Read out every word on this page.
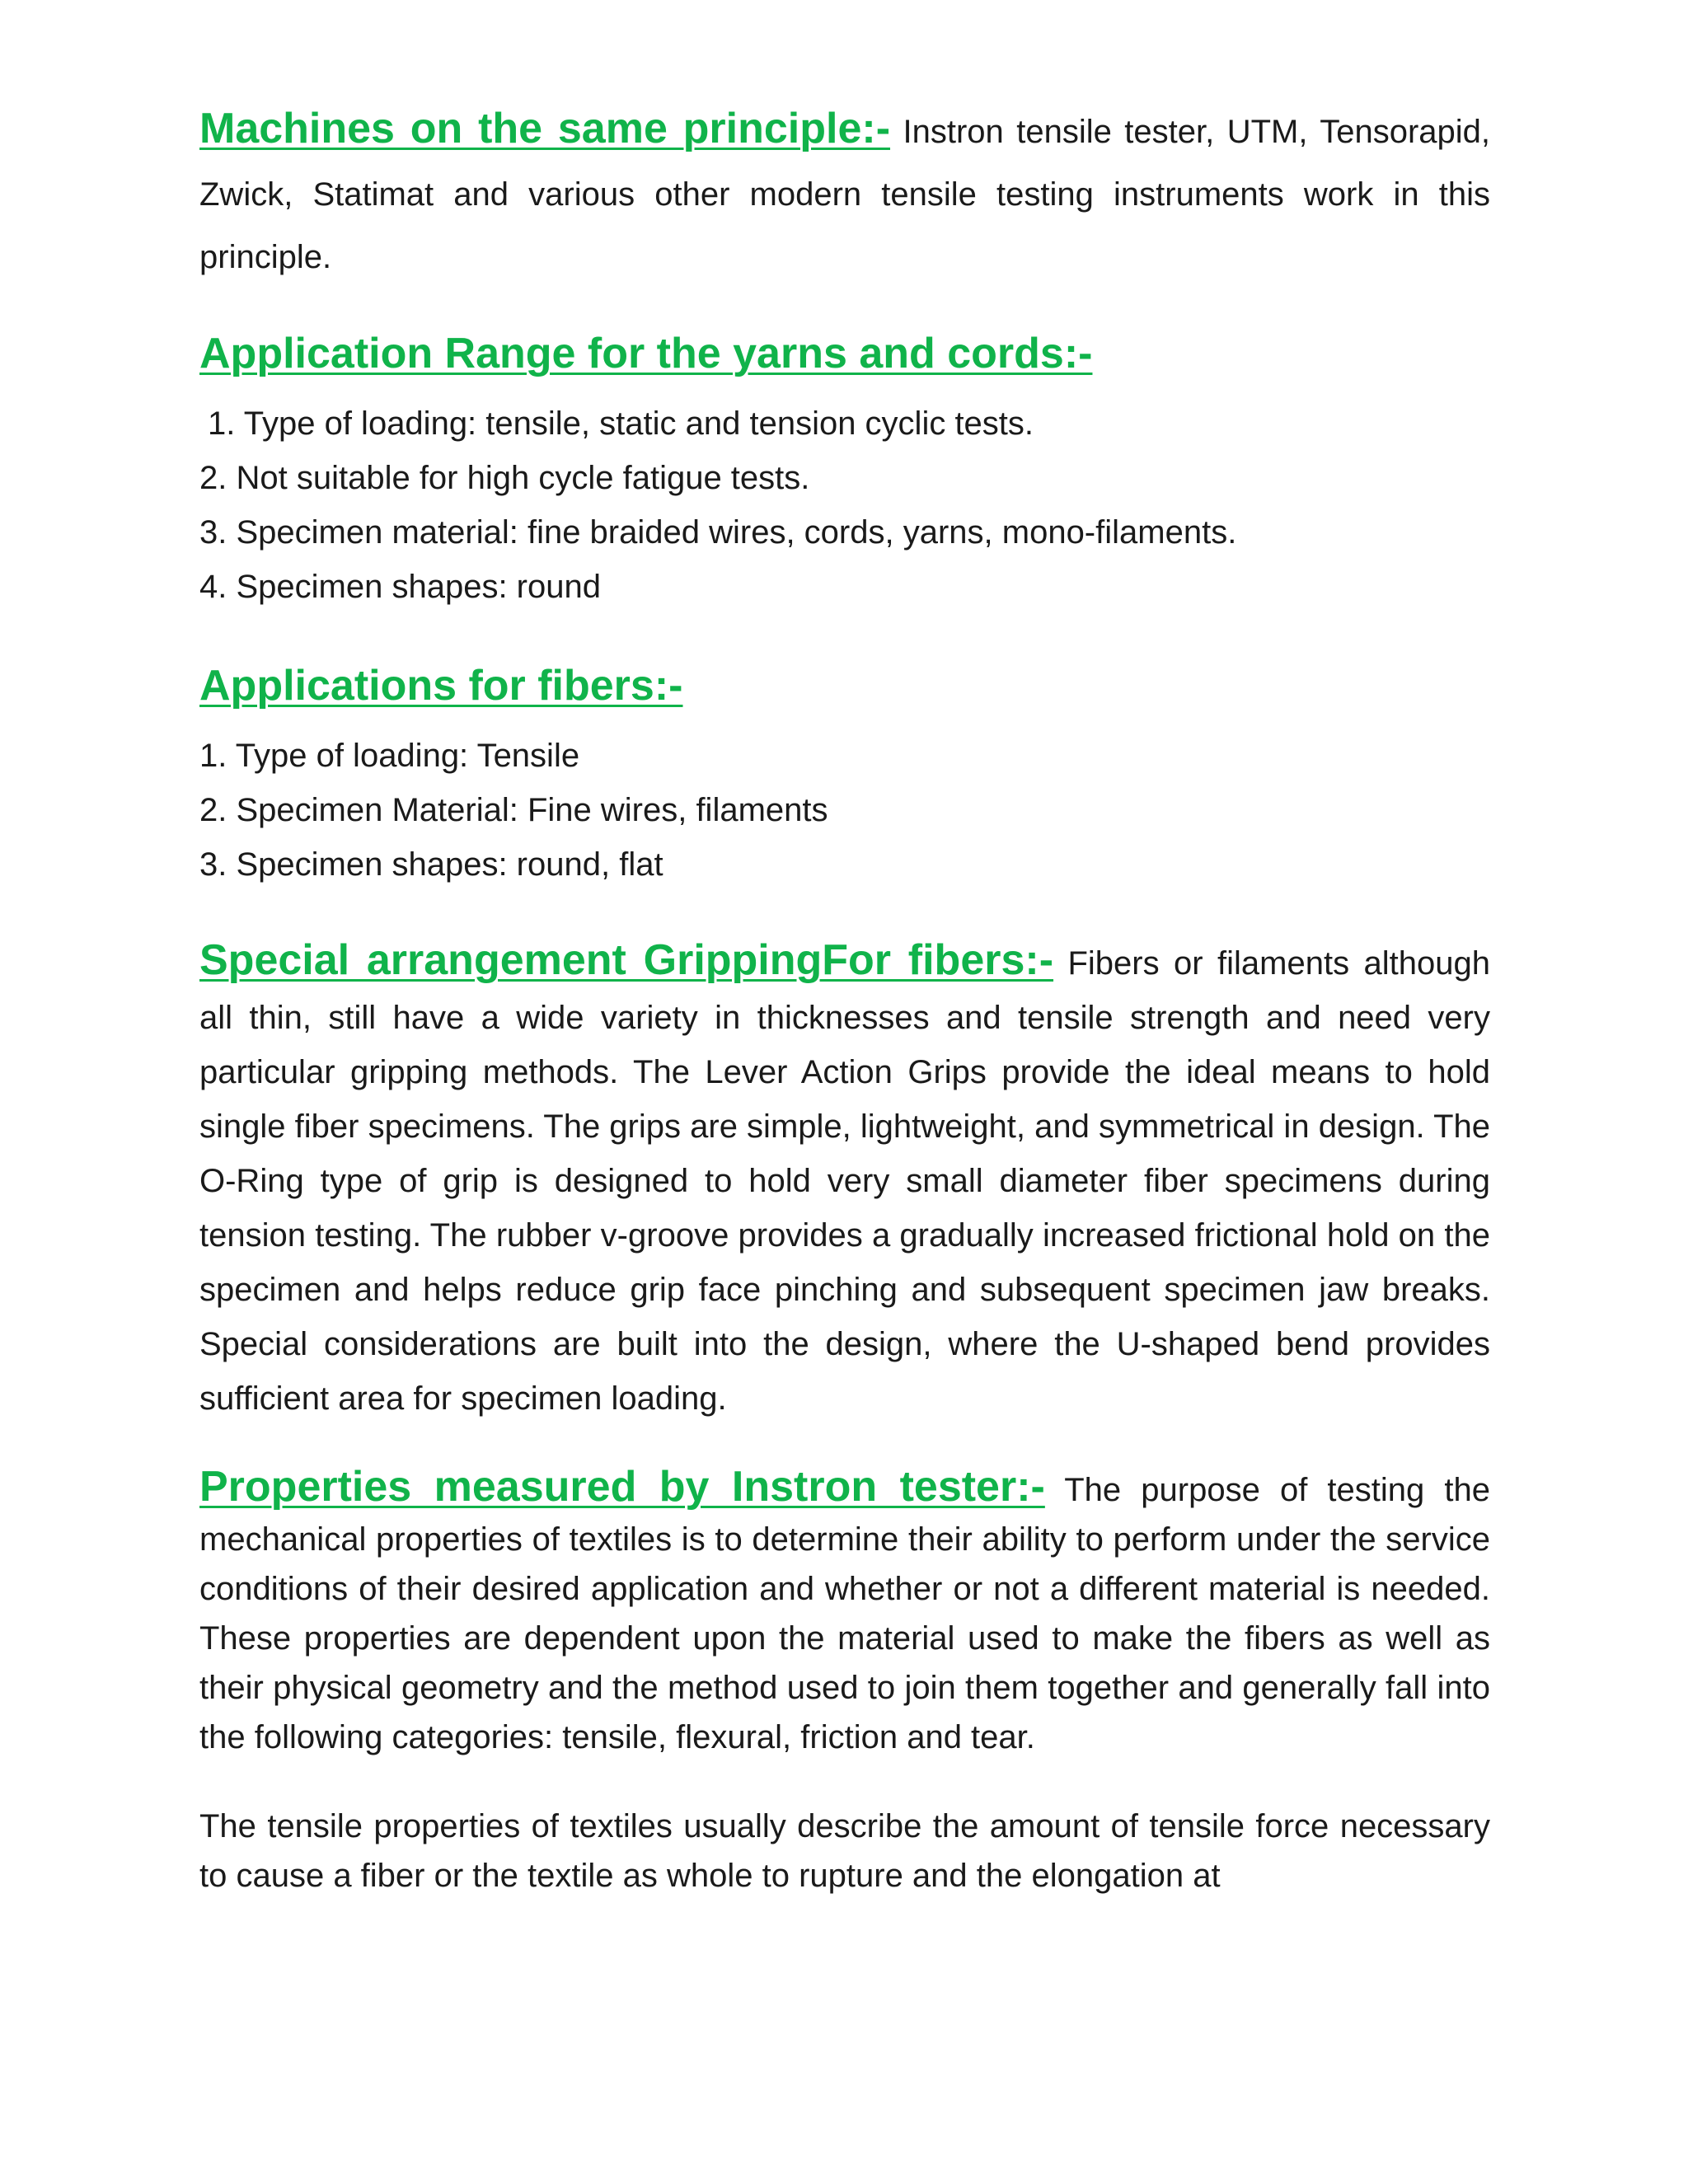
Machines on the same principle:- Instron tensile tester, UTM, Tensorapid, Zwick, Statimat and various other modern tensile testing instruments work in this principle.

Application Range for the yarns and cords:-

1. Type of loading: tensile, static and tension cyclic tests.
2. Not suitable for high cycle fatigue tests.
3. Specimen material: fine braided wires, cords, yarns, mono-filaments.
4. Specimen shapes: round

Applications for fibers:-

1. Type of loading: Tensile
2. Specimen Material: Fine wires, filaments
3. Specimen shapes: round, flat

Special arrangement GrippingFor fibers:- Fibers or filaments although all thin, still have a wide variety in thicknesses and tensile strength and need very particular gripping methods. The Lever Action Grips provide the ideal means to hold single fiber specimens. The grips are simple, lightweight, and symmetrical in design. The O-Ring type of grip is designed to hold very small diameter fiber specimens during tension testing. The rubber v-groove provides a gradually increased frictional hold on the specimen and helps reduce grip face pinching and subsequent specimen jaw breaks. Special considerations are built into the design, where the U-shaped bend provides sufficient area for specimen loading.

Properties measured by Instron tester:- The purpose of testing the mechanical properties of textiles is to determine their ability to perform under the service conditions of their desired application and whether or not a different material is needed. These properties are dependent upon the material used to make the fibers as well as their physical geometry and the method used to join them together and generally fall into the following categories: tensile, flexural, friction and tear.

The tensile properties of textiles usually describe the amount of tensile force necessary to cause a fiber or the textile as whole to rupture and the elongation at
